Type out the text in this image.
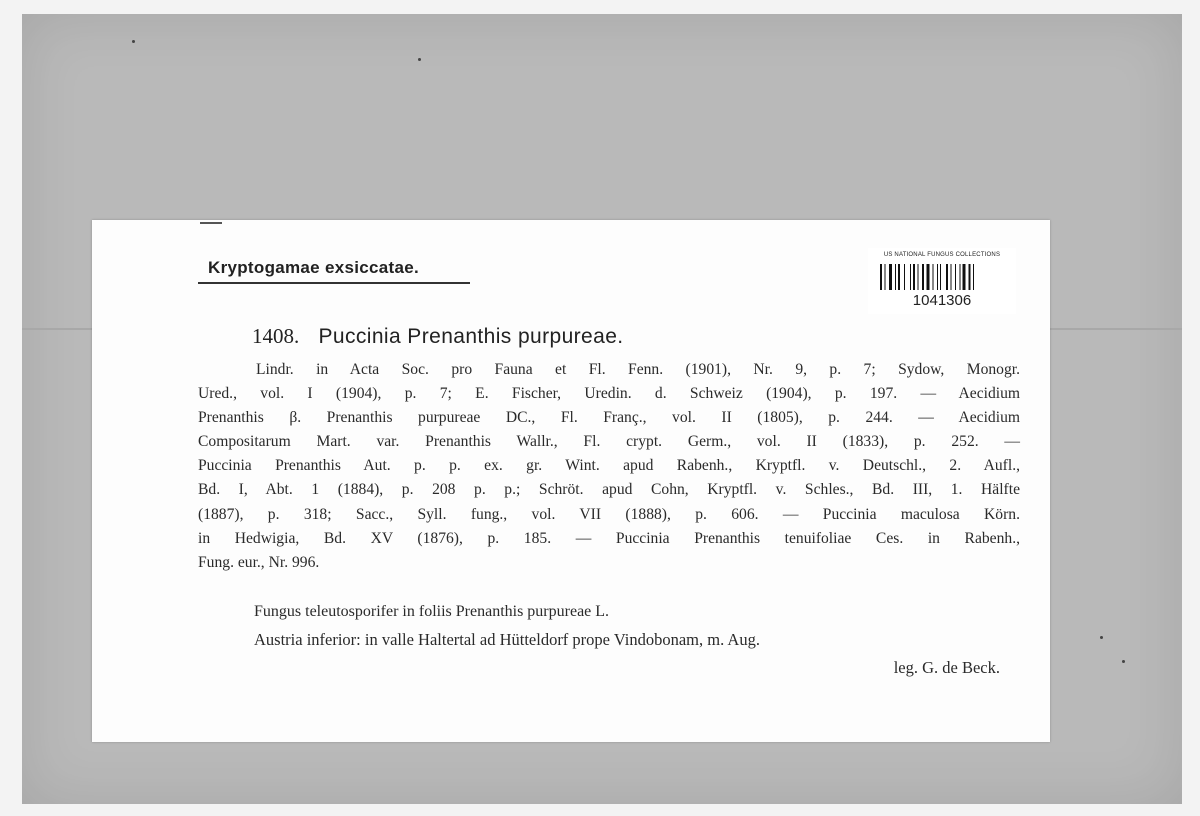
Kryptogamae exsiccatae.
US NATIONAL FUNGUS COLLECTIONS
1041306
1408. Puccinia Prenanthis purpureae.
Lindr. in Acta Soc. pro Fauna et Fl. Fenn. (1901), Nr. 9, p. 7; Sydow, Monogr.
Ured., vol. I (1904), p. 7; E. Fischer, Uredin. d. Schweiz (1904), p. 197. — Aecidium
Prenanthis β. Prenanthis purpureae DC., Fl. Franç., vol. II (1805), p. 244. — Aecidium
Compositarum Mart. var. Prenanthis Wallr., Fl. crypt. Germ., vol. II (1833), p. 252. —
Puccinia Prenanthis Aut. p. p. ex. gr. Wint. apud Rabenh., Kryptfl. v. Deutschl., 2. Aufl.,
Bd. I, Abt. 1 (1884), p. 208 p. p.; Schröt. apud Cohn, Kryptfl. v. Schles., Bd. III, 1. Hälfte
(1887), p. 318; Sacc., Syll. fung., vol. VII (1888), p. 606. — Puccinia maculosa Körn.
in Hedwigia, Bd. XV (1876), p. 185. — Puccinia Prenanthis tenuifoliae Ces. in Rabenh.,
Fung. eur., Nr. 996.
Fungus teleutosporifer in foliis Prenanthis purpureae L.
Austria inferior: in valle Haltertal ad Hütteldorf prope Vindobonam, m. Aug.
leg. G. de Beck.
